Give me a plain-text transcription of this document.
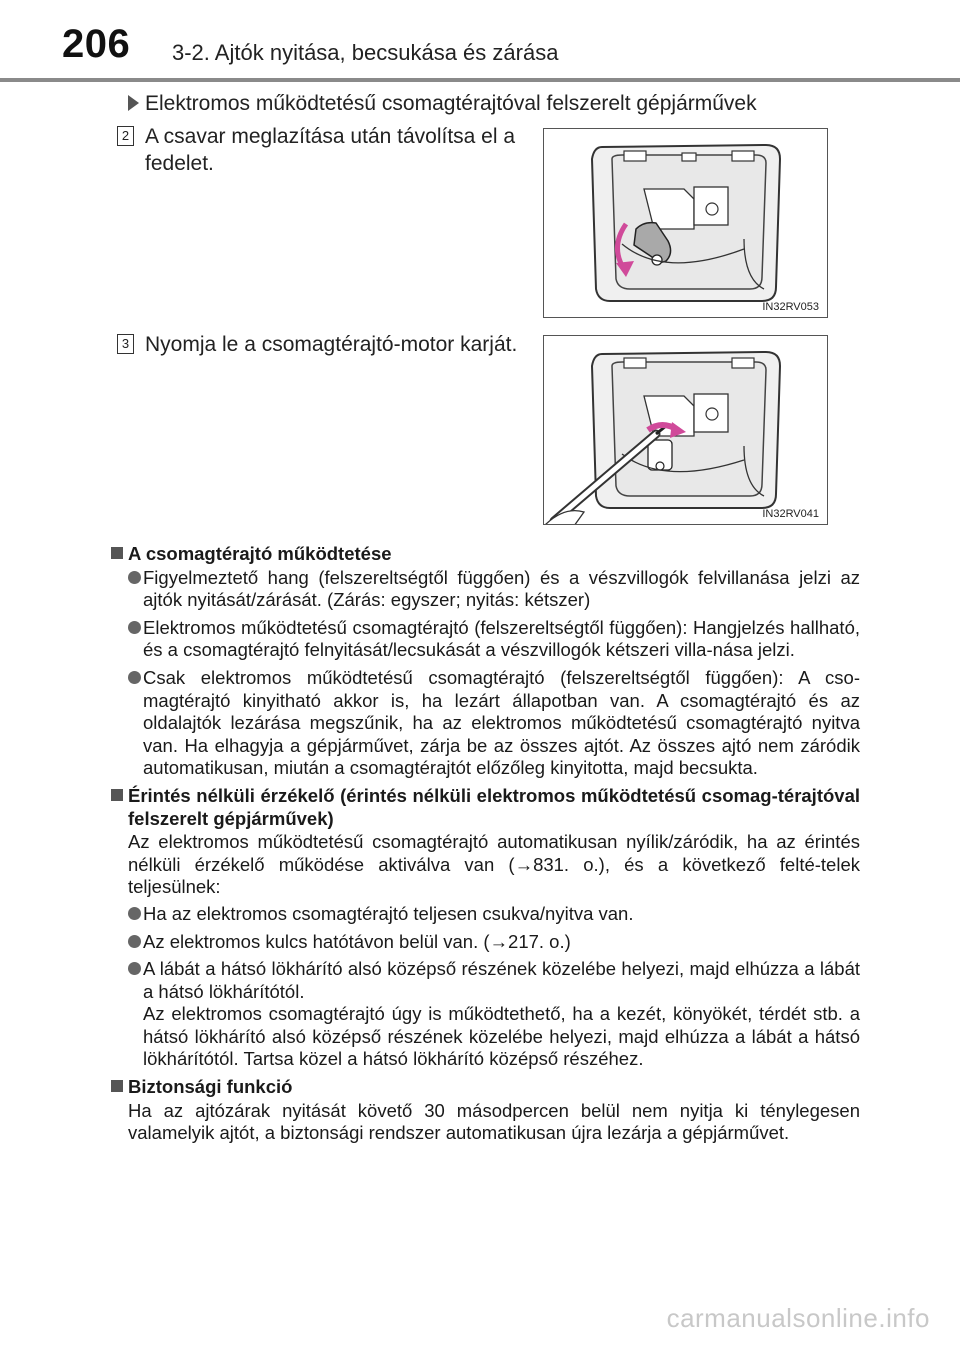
206 3-2. Ajtók nyitása, becsukása és zárása
Elektromos működtetésű csomagtérajtóval felszerelt gépjárművek
2 A csavar meglazítása után távolítsa el a fedelet.
IN32RV053
3 Nyomja le a csomagtérajtó-motor karját.
IN32RV041
A csomagtérajtó működtetése
Figyelmeztető hang (felszereltségtől függően) és a vészvillogók felvillanása jelzi az ajtók nyitását/zárását. (Zárás: egyszer; nyitás: kétszer)
Elektromos működtetésű csomagtérajtó (felszereltségtől függően): Hangjelzés hallható, és a csomagtérajtó felnyitását/lecsukását a vészvillogók kétszeri villa-nása jelzi.
Csak elektromos működtetésű csomagtérajtó (felszereltségtől függően): A cso-magtérajtó kinyitható akkor is, ha lezárt állapotban van. A csomagtérajtó és az oldalajtók lezárása megszűnik, ha az elektromos működtetésű csomagtérajtó nyitva van. Ha elhagyja a gépjárművet, zárja be az összes ajtót. Az összes ajtó nem záródik automatikusan, miután a csomagtérajtót előzőleg kinyitotta, majd becsukta.
Érintés nélküli érzékelő (érintés nélküli elektromos működtetésű csomag-térajtóval felszerelt gépjárművek)
Az elektromos működtetésű csomagtérajtó automatikusan nyílik/záródik, ha az érintés nélküli érzékelő működése aktiválva van (→831. o.), és a következő felté-telek teljesülnek:
Ha az elektromos csomagtérajtó teljesen csukva/nyitva van.
Az elektromos kulcs hatótávon belül van. (→217. o.)
A lábát a hátsó lökhárító alsó középső részének közelébe helyezi, majd elhúzza a lábát a hátsó lökhárítótól.
Az elektromos csomagtérajtó úgy is működtethető, ha a kezét, könyökét, térdét stb. a hátsó lökhárító alsó középső részének közelébe helyezi, majd elhúzza a lábát a hátsó lökhárítótól. Tartsa közel a hátsó lökhárító középső részéhez.
Biztonsági funkció
Ha az ajtózárak nyitását követő 30 másodpercen belül nem nyitja ki ténylegesen valamelyik ajtót, a biztonsági rendszer automatikusan újra lezárja a gépjárművet.
carmanualsonline.info
